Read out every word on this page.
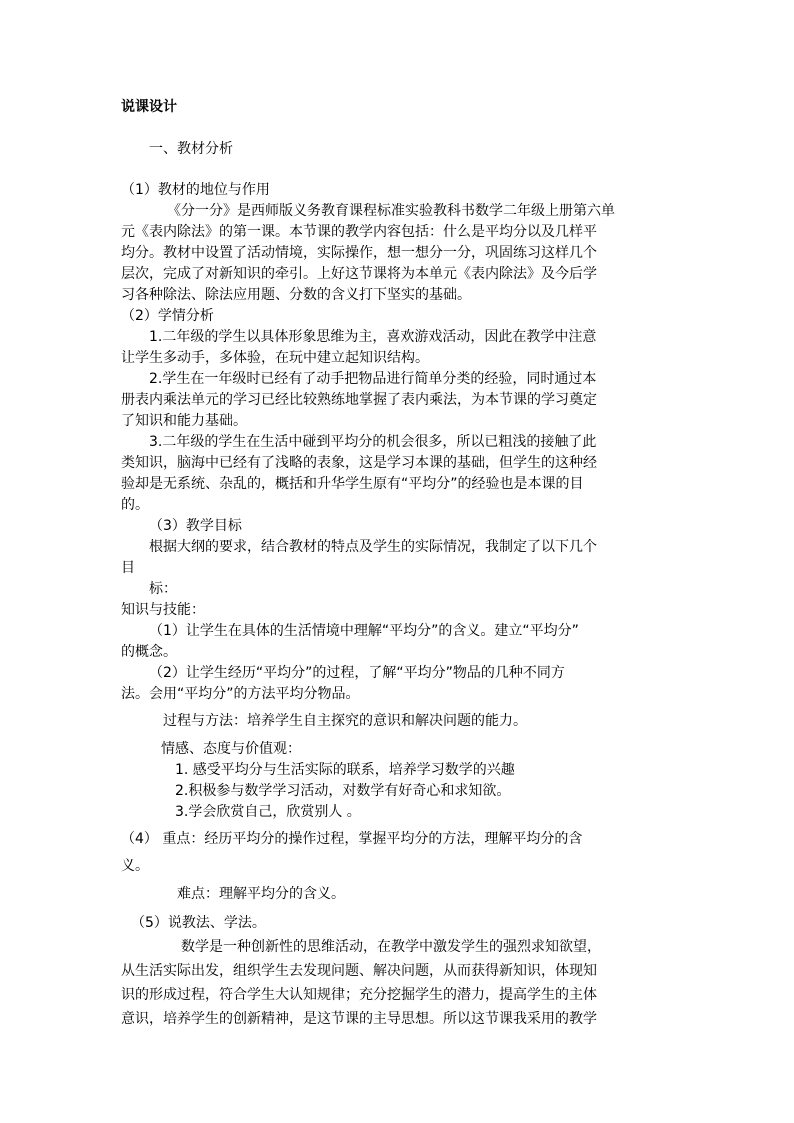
说课设计

一、教材分析

（1）教材的地位与作用

《分一分》是西师版义务教育课程标准实验教科书数学二年级上册第六单

元《表内除法》的第一课。本节课的教学内容包括：什么是平均分以及几样平

均分。教材中设置了活动情境，实际操作，想一想分一分，巩固练习这样几个

层次，完成了对新知识的牵引。上好这节课将为本单元《表内除法》及今后学

习各种除法、除法应用题、分数的含义打下坚实的基础。

（2）学情分析

1.二年级的学生以具体形象思维为主，喜欢游戏活动，因此在教学中注意

让学生多动手，多体验，在玩中建立起知识结构。

2.学生在一年级时已经有了动手把物品进行简单分类的经验，同时通过本

册表内乘法单元的学习已经比较熟练地掌握了表内乘法，为本节课的学习奠定

了知识和能力基础。

3.二年级的学生在生活中碰到平均分的机会很多，所以已粗浅的接触了此

类知识，脑海中已经有了浅略的表象，这是学习本课的基础，但学生的这种经

验却是无系统、杂乱的，概括和升华学生原有“平均分”的经验也是本课的目

的。

（3）教学目标

根据大纲的要求，结合教材的特点及学生的实际情况，我制定了以下几个

目

标：

知识与技能：

（1）让学生在具体的生活情境中理解“平均分”的含义。建立“平均分”

的概念。

（2）让学生经历“平均分”的过程，了解“平均分”物品的几种不同方

法。会用“平均分”的方法平均分物品。

过程与方法：培养学生自主探究的意识和解决问题的能力。

情感、态度与价值观：

1. 感受平均分与生活实际的联系，培养学习数学的兴趣

2.积极参与数学学习活动，对数学有好奇心和求知欲。

3.学会欣赏自己，欣赏别人 。

（4） 重点：经历平均分的操作过程，掌握平均分的方法，理解平均分的含

义。

难点：理解平均分的含义。

（5）说教法、学法。

数学是一种创新性的思维活动，在教学中激发学生的强烈求知欲望，

从生活实际出发，组织学生去发现问题、解决问题，从而获得新知识，体现知

识的形成过程，符合学生大认知规律；充分挖掘学生的潜力，提高学生的主体

意识，培养学生的创新精神，是这节课的主导思想。所以这节课我采用的教学
